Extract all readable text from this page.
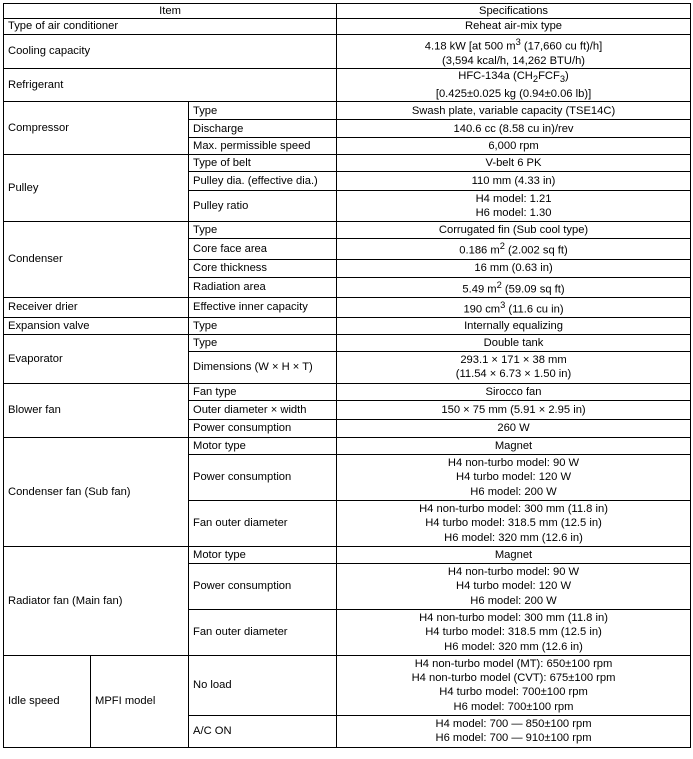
Item			Specifications
Type of air conditioner			Reheat air-mix type
Cooling capacity			4.18 kW [at 500 $m^3$ (17,660 cu ft)/h]
(3,594 kcal/h, 14,262 BTU/h)

Refrigerant			HFC-134a $(CH_2FCF_3)$
[0.425±0.025 kg (0.94±0.06 lb)]

Compressor		Type	Swash plate, variable capacity (TSE14C)
		Discharge	140.6 cc (8.58 cu in)/rev
		Max. permissible speed	6,000 rpm
Pulley		Type of belt	V-belt 6 PK
		Pulley dia. (effective dia.)	110 mm (4.33 in)
		Pulley ratio	H4 model: 1.21
H6 model: 1.30

Condenser		Type	Corrugated fin (Sub cool type)
		Core face area	0.186 $m^2$ (2.002 sq ft)
		Core thickness	16 mm (0.63 in)
		Radiation area	5.49 $m^2$ (59.09 sq ft)
Receiver drier		Effective inner capacity	190 $cm^3$ (11.6 cu in)
Expansion valve		Type	Internally equalizing
Evaporator		Type	Double tank
		Dimensions (W × H × T)	293.1 × 171 × 38 mm
(11.54 × 6.73 × 1.50 in)

Blower fan		Fan type	Sirocco fan
		Outer diameter × width	150 × 75 mm (5.91 × 2.95 in)
		Power consumption	260 W
Condenser fan (Sub fan)		Motor type	Magnet
		Power consumption	H4 non-turbo model: 90 W
H4 turbo model: 120 W
H6 model: 200 W

		Fan outer diameter	H4 non-turbo model: 300 mm (11.8 in)
H4 turbo model: 318.5 mm (12.5 in)
H6 model: 320 mm (12.6 in)

Radiator fan (Main fan)		Motor type	Magnet
		Power consumption	H4 non-turbo model: 90 W
H4 turbo model: 120 W
H6 model: 200 W

		Fan outer diameter	H4 non-turbo model: 300 mm (11.8 in)
H4 turbo model: 318.5 mm (12.5 in)
H6 model: 320 mm (12.6 in)

Idle speed	MPFI model	No load	H4 non-turbo model (MT): 650±100 rpm
H4 non-turbo model (CVT): 675±100 rpm
H4 turbo model: 700±100 rpm
H6 model: 700±100 rpm

		A/C ON	H4 model: 700 — 850±100 rpm
H6 model: 700 — 910±100 rpm
